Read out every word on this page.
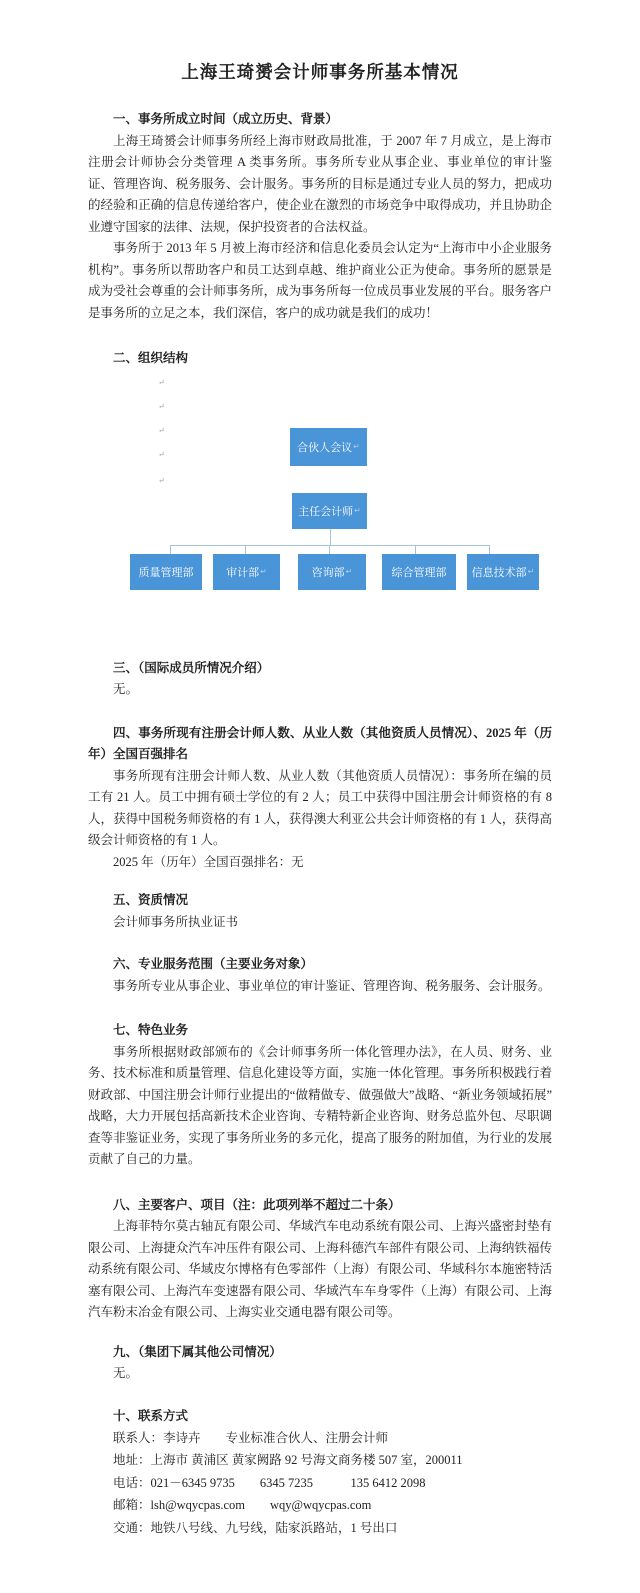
上海王琦赟会计师事务所基本情况
一、事务所成立时间（成立历史、背景）

上海王琦赟会计师事务所经上海市财政局批准，于 2007 年 7 月成立，是上海市注册会计师协会分类管理 A 类事务所。事务所专业从事企业、事业单位的审计鉴证、管理咨询、税务服务、会计服务。事务所的目标是通过专业人员的努力，把成功的经验和正确的信息传递给客户，使企业在激烈的市场竞争中取得成功，并且协助企业遵守国家的法律、法规，保护投资者的合法权益。

事务所于 2013 年 5 月被上海市经济和信息化委员会认定为“上海市中小企业服务机构”。事务所以帮助客户和员工达到卓越、维护商业公正为使命。事务所的愿景是成为受社会尊重的会计师事务所，成为事务所每一位成员事业发展的平台。服务客户是事务所的立足之本，我们深信，客户的成功就是我们的成功！

二、组织结构
↵
↵
↵
↵
↵
合伙人会议 ↵
主任会计师 ↵
质量管理部	审计部 ↵	咨询部 ↵	综合管理部 信息技术部 ↵
三、（国际成员所情况介绍）

无。

四、事务所现有注册会计师人数、从业人数（其他资质人员情况）、2025 年（历年）全国百强排名

事务所现有注册会计师人数、从业人数（其他资质人员情况）：事务所在编的员工有 21 人。员工中拥有硕士学位的有 2 人；员工中获得中国注册会计师资格的有 8 人，获得中国税务师资格的有 1 人，获得澳大利亚公共会计师资格的有 1 人，获得高级会计师资格的有 1 人。

2025 年（历年）全国百强排名：无

五、资质情况

会计师事务所执业证书

六、专业服务范围（主要业务对象）

事务所专业从事企业、事业单位的审计鉴证、管理咨询、税务服务、会计服务。

七、特色业务

事务所根据财政部颁布的《会计师事务所一体化管理办法》，在人员、财务、业务、技术标准和质量管理、信息化建设等方面，实施一体化管理。事务所积极践行着财政部、中国注册会计师行业提出的“做精做专、做强做大”战略、“新业务领域拓展”战略，大力开展包括高新技术企业咨询、专精特新企业咨询、财务总监外包、尽职调查等非鉴证业务，实现了事务所业务的多元化，提高了服务的附加值，为行业的发展贡献了自己的力量。

八、主要客户、项目（注：此项列举不超过二十条）

上海菲特尔莫古轴瓦有限公司、华域汽车电动系统有限公司、上海兴盛密封垫有限公司、上海捷众汽车冲压件有限公司、上海科德汽车部件有限公司、上海纳铁福传动系统有限公司、华域皮尔博格有色零部件（上海）有限公司、华域科尔本施密特活塞有限公司、上海汽车变速器有限公司、华域汽车车身零件（上海）有限公司、上海汽车粉末冶金有限公司、上海实业交通电器有限公司等。

九、（集团下属其他公司情况）

无。

十、联系方式

联系人：李诗卉　　专业标准合伙人、注册会计师

地址：上海市 黄浦区 黄家阙路 92 号海文商务楼 507 室，200011

电话：021－6345 9735　　6345 7235　　　135 6412 2098

邮箱：lsh@wqycpas.com　　wqy@wqycpas.com

交通：地铁八号线、九号线，陆家浜路站，1 号出口
